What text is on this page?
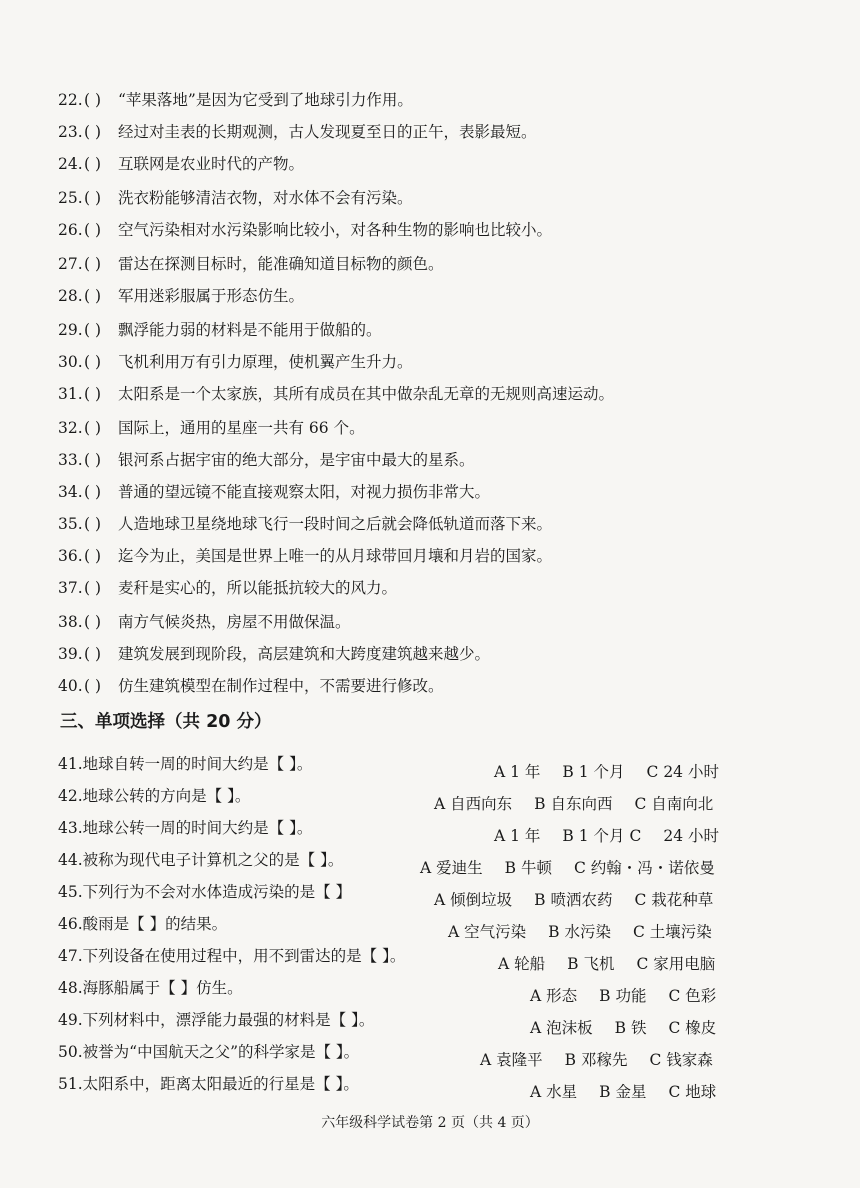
22.( ) “苹果落地”是因为它受到了地球引力作用。
23.( ) 经过对圭表的长期观测，古人发现夏至日的正午，表影最短。
24.( ) 互联网是农业时代的产物。
25.( ) 洗衣粉能够清洁衣物，对水体不会有污染。
26.( ) 空气污染相对水污染影响比较小，对各种生物的影响也比较小。
27.( ) 雷达在探测目标时，能准确知道目标物的颜色。
28.( ) 军用迷彩服属于形态仿生。
29.( ) 飘浮能力弱的材料是不能用于做船的。
30.( ) 飞机利用万有引力原理，使机翼产生升力。
31.( ) 太阳系是一个太家族，其所有成员在其中做杂乱无章的无规则高速运动。
32.( ) 国际上，通用的星座一共有 66 个。
33.( ) 银河系占据宇宙的绝大部分，是宇宙中最大的星系。
34.( ) 普通的望远镜不能直接观察太阳，对视力损伤非常大。
35.( ) 人造地球卫星绕地球飞行一段时间之后就会降低轨道而落下来。
36.( ) 迄今为止，美国是世界上唯一的从月球带回月壤和月岩的国家。
37.( ) 麦秆是实心的，所以能抵抗较大的风力。
38.( ) 南方气候炎热，房屋不用做保温。
39.( ) 建筑发展到现阶段，高层建筑和大跨度建筑越来越少。
40.( ) 仿生建筑模型在制作过程中，不需要进行修改。
三、单项选择（共 20 分）
41.地球自转一周的时间大约是【 】。	A 1 年 B 1 个月 C 24 小时
42.地球公转的方向是【 】。	A 自西向东 B 自东向西 C 自南向北
43.地球公转一周的时间大约是【 】。	A 1 年 B 1 个月 C 24 小时
44.被称为现代电子计算机之父的是【 】。	A 爱迪生 B 牛顿 C 约翰・冯・诺依曼
45.下列行为不会对水体造成污染的是【 】	A 倾倒垃圾 B 喷洒农药 C 栽花种草
46.酸雨是【 】的结果。	A 空气污染 B 水污染 C 土壤污染
47.下列设备在使用过程中，用不到雷达的是【 】。	A 轮船 B 飞机 C 家用电脑
48.海豚船属于【 】仿生。	A 形态 B 功能 C 色彩
49.下列材料中，漂浮能力最强的材料是【 】。	A 泡沫板 B 铁 C 橡皮
50.被誉为“中国航天之父”的科学家是【 】。	A 袁隆平 B 邓稼先 C 钱家森
51.太阳系中，距离太阳最近的行星是【 】。	A 水星 B 金星 C 地球
六年级科学试卷第 2 页（共 4 页）
